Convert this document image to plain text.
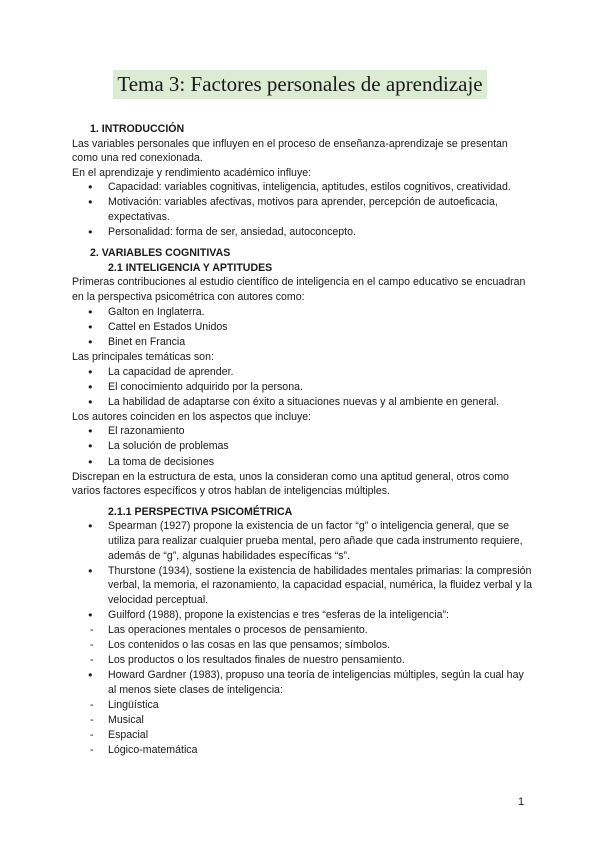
Tema 3: Factores personales de aprendizaje
1. INTRODUCCIÓN

Las variables personales que influyen en el proceso de enseñanza-aprendizaje se presentan como una red conexionada.

En el aprendizaje y rendimiento académico influye:

● Capacidad: variables cognitivas, inteligencia, aptitudes, estilos cognitivos, creatividad.
● Motivación: variables afectivas, motivos para aprender, percepción de autoeficacia, expectativas.
● Personalidad: forma de ser, ansiedad, autoconcepto.
2. VARIABLES COGNITIVAS
2.1 INTELIGENCIA Y APTITUDES

Primeras contribuciones al estudio científico de inteligencia en el campo educativo se encuadran en la perspectiva psicométrica con autores como:

● Galton en Inglaterra.
● Cattel en Estados Unidos
● Binet en Francia

Las principales temáticas son:

● La capacidad de aprender.
● El conocimiento adquirido por la persona.
● La habilidad de adaptarse con éxito a situaciones nuevas y al ambiente en general.

Los autores coinciden en los aspectos que incluye:

● El razonamiento
● La solución de problemas
● La toma de decisiones

Discrepan en la estructura de esta, unos la consideran como una aptitud general, otros como varios factores específicos y otros hablan de inteligencias múltiples.

2.1.1 PERSPECTIVA PSICOMÉTRICA
● Spearman (1927) propone la existencia de un factor “g” o inteligencia general, que se utiliza para realizar cualquier prueba mental, pero añade que cada instrumento requiere, además de “g”, algunas habilidades específicas “s”.
● Thurstone (1934), sostiene la existencia de habilidades mentales primarias: la compresión verbal, la memoria, el razonamiento, la capacidad espacial, numérica, la fluidez verbal y la velocidad perceptual.
● Guilford (1988), propone la existencias e tres “esferas de la inteligencia”:
- Las operaciones mentales o procesos de pensamiento.
- Los contenidos o las cosas en las que pensamos; símbolos.
- Los productos o los resultados finales de nuestro pensamiento.
● Howard Gardner (1983), propuso una teoría de inteligencias múltiples, según la cual hay al menos siete clases de inteligencia:
- Lingüística
- Musical
- Espacial
- Lógico-matemática
1
